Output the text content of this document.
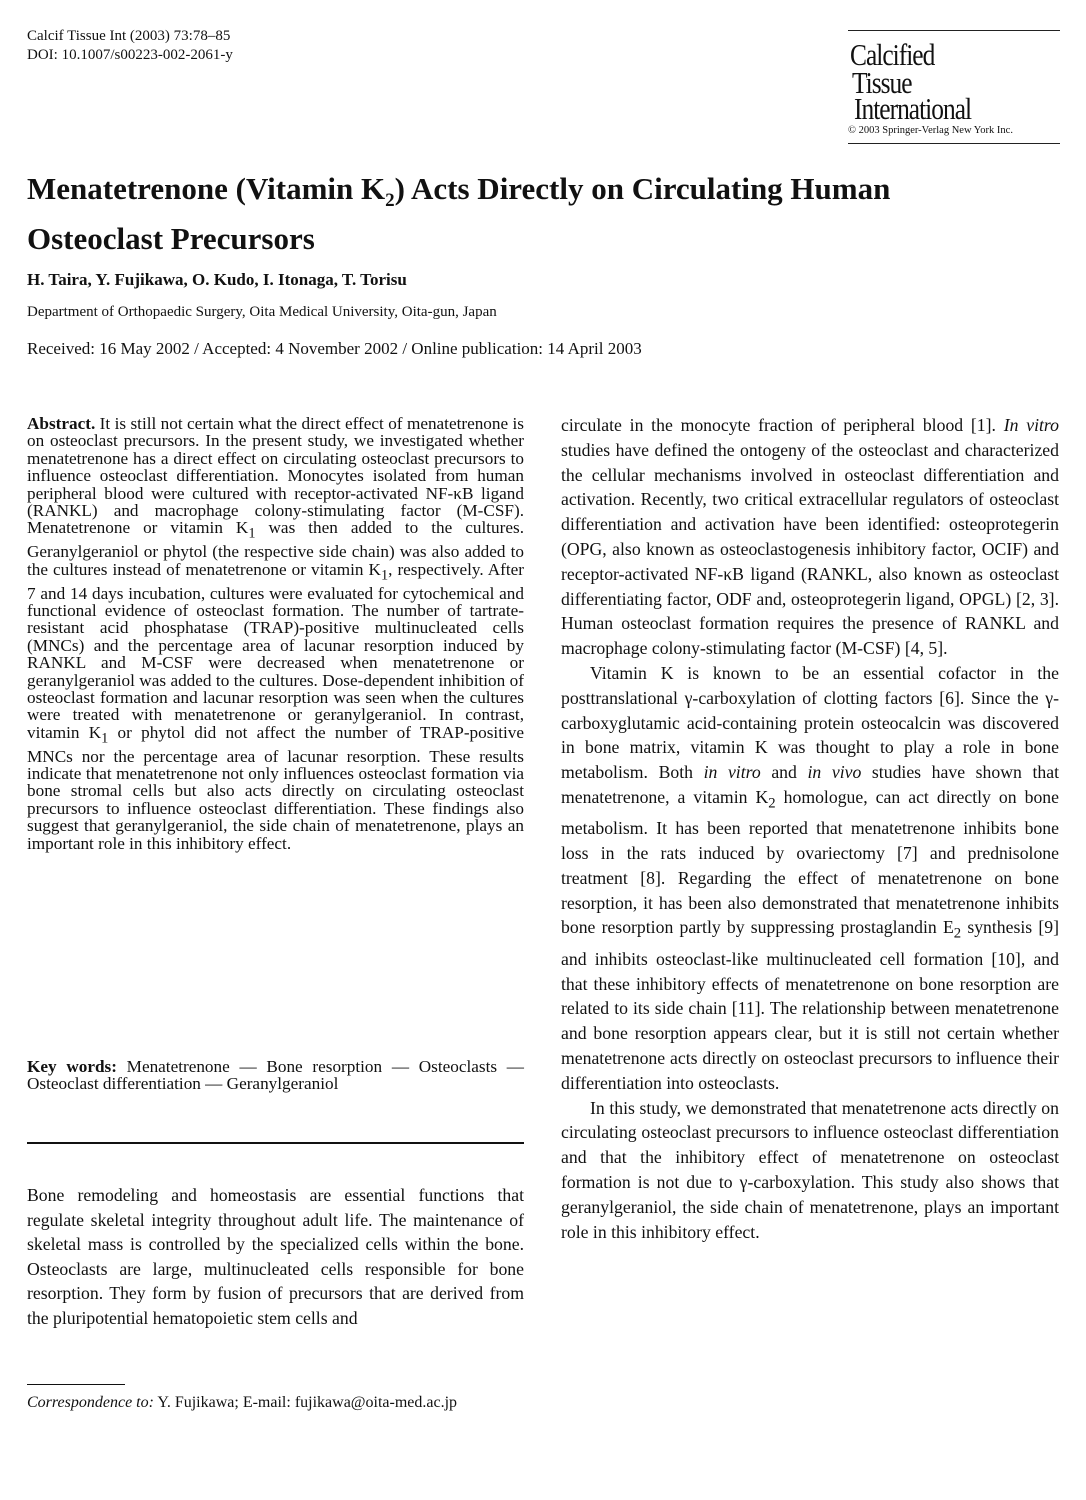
Calcif Tissue Int (2003) 73:78–85
DOI: 10.1007/s00223-002-2061-y	Calcified
Tissue
International
© 2003 Springer-Verlag New York Inc.
Menatetrenone (Vitamin $K_2$) Acts Directly on Circulating Human
Osteoclast Precursors
H. Taira, Y. Fujikawa, O. Kudo, I. Itonaga, T. Torisu
Department of Orthopaedic Surgery, Oita Medical University, Oita-gun, Japan
Received: 16 May 2002 / Accepted: 4 November 2002 / Online publication: 14 April 2003
Abstract. It is still not certain what the direct effect of menatetrenone is on osteoclast precursors. In the present study, we investigated whether menatetrenone has a direct effect on circulating osteoclast precursors to influence osteoclast differentiation. Monocytes isolated from human peripheral blood were cultured with receptor-activated NF-κB ligand (RANKL) and macrophage colony-stimulating factor (M-CSF). Menatetrenone or vitamin $K_1$ was then added to the cultures. Geranylgeraniol or phytol (the respective side chain) was also added to the cultures instead of menatetrenone or vitamin $K_1$, respectively. After 7 and 14 days incubation, cultures were evaluated for cytochemical and functional evidence of osteoclast formation. The number of tartrate-resistant acid phosphatase (TRAP)-positive multinucleated cells (MNCs) and the percentage area of lacunar resorption induced by RANKL and M-CSF were decreased when menatetrenone or geranylgeraniol was added to the cultures. Dose-dependent inhibition of osteoclast formation and lacunar resorption was seen when the cultures were treated with menatetrenone or geranylgeraniol. In contrast, vitamin $K_1$ or phytol did not affect the number of TRAP-positive MNCs nor the percentage area of lacunar resorption. These results indicate that menatetrenone not only influences osteoclast formation via bone stromal cells but also acts directly on circulating osteoclast precursors to influence osteoclast differentiation. These findings also suggest that geranylgeraniol, the side chain of menatetrenone, plays an important role in this inhibitory effect.
Key words: Menatetrenone — Bone resorption — Osteoclasts — Osteoclast differentiation — Geranylgeraniol
Bone remodeling and homeostasis are essential functions that regulate skeletal integrity throughout adult life. The maintenance of skeletal mass is controlled by the specialized cells within the bone. Osteoclasts are large, multinucleated cells responsible for bone resorption. They form by fusion of precursors that are derived from the pluripotential hematopoietic stem cells and
Correspondence to: Y. Fujikawa; E-mail: fujikawa@oita-med.ac.jp

circulate in the monocyte fraction of peripheral blood [1]. In vitro studies have defined the ontogeny of the osteoclast and characterized the cellular mechanisms involved in osteoclast differentiation and activation. Recently, two critical extracellular regulators of osteoclast differentiation and activation have been identified: osteoprotegerin (OPG, also known as osteoclastogenesis inhibitory factor, OCIF) and receptor-activated NF-κB ligand (RANKL, also known as osteoclast differentiating factor, ODF and, osteoprotegerin ligand, OPGL) [2, 3]. Human osteoclast formation requires the presence of RANKL and macrophage colony-stimulating factor (M-CSF) [4, 5].

Vitamin K is known to be an essential cofactor in the posttranslational γ-carboxylation of clotting factors [6]. Since the γ-carboxyglutamic acid-containing protein osteocalcin was discovered in bone matrix, vitamin K was thought to play a role in bone metabolism. Both in vitro and in vivo studies have shown that menatetrenone, a vitamin $K_2$ homologue, can act directly on bone metabolism. It has been reported that menatetrenone inhibits bone loss in the rats induced by ovariectomy [7] and prednisolone treatment [8]. Regarding the effect of menatetrenone on bone resorption, it has been also demonstrated that menatetrenone inhibits bone resorption partly by suppressing prostaglandin $E_2$ synthesis [9] and inhibits osteoclast-like multinucleated cell formation [10], and that these inhibitory effects of menatetrenone on bone resorption are related to its side chain [11]. The relationship between menatetrenone and bone resorption appears clear, but it is still not certain whether menatetrenone acts directly on osteoclast precursors to influence their differentiation into osteoclasts.

In this study, we demonstrated that menatetrenone acts directly on circulating osteoclast precursors to influence osteoclast differentiation and that the inhibitory effect of menatetrenone on osteoclast formation is not due to γ-carboxylation. This study also shows that geranylgeraniol, the side chain of menatetrenone, plays an important role in this inhibitory effect.
